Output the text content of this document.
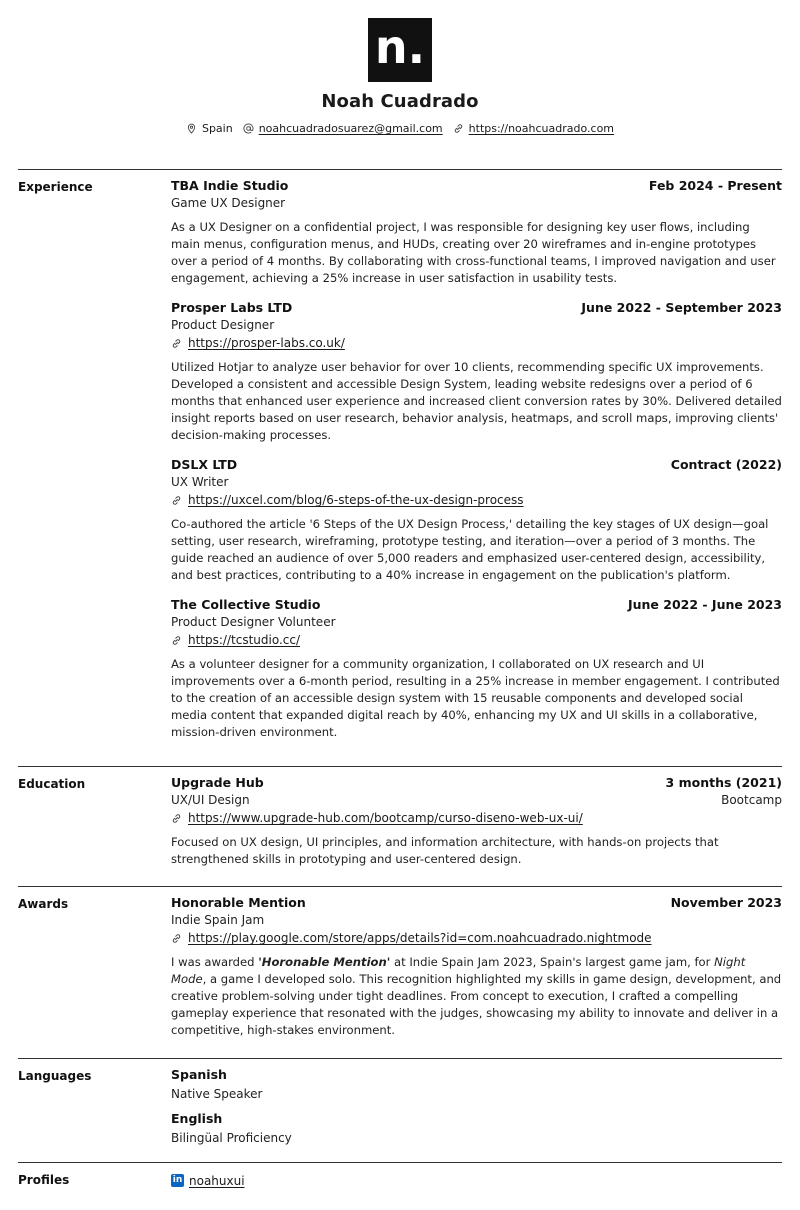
n.
Noah Cuadrado
Spain noahcuadradosuarez@gmail.com https://noahcuadrado.com
Experience	TBA Indie Studio	Feb 2024 - Present
Game UX Designer
As a UX Designer on a confidential project, I was responsible for designing key user flows, including main menus, configuration menus, and HUDs, creating over 20 wireframes and in-engine prototypes over a period of 4 months. By collaborating with cross-functional teams, I improved navigation and user engagement, achieving a 25% increase in user satisfaction in usability tests.
Prosper Labs LTD	June 2022 - September 2023
Product Designer
https://prosper-labs.co.uk/
Utilized Hotjar to analyze user behavior for over 10 clients, recommending specific UX improvements. Developed a consistent and accessible Design System, leading website redesigns over a period of 6 months that enhanced user experience and increased client conversion rates by 30%. Delivered detailed insight reports based on user research, behavior analysis, heatmaps, and scroll maps, improving clients' decision-making processes.
DSLX LTD	Contract (2022)
UX Writer
https://uxcel.com/blog/6-steps-of-the-ux-design-process
Co-authored the article '6 Steps of the UX Design Process,' detailing the key stages of UX design—goal setting, user research, wireframing, prototype testing, and iteration—over a period of 3 months. The guide reached an audience of over 5,000 readers and emphasized user-centered design, accessibility, and best practices, contributing to a 40% increase in engagement on the publication's platform.
The Collective Studio	June 2022 - June 2023
Product Designer Volunteer
https://tcstudio.cc/
As a volunteer designer for a community organization, I collaborated on UX research and UI improvements over a 6-month period, resulting in a 25% increase in member engagement. I contributed to the creation of an accessible design system with 15 reusable components and developed social media content that expanded digital reach by 40%, enhancing my UX and UI skills in a collaborative, mission-driven environment.
Education	Upgrade Hub	3 months (2021)
UX/UI Design	Bootcamp
https://www.upgrade-hub.com/bootcamp/curso-diseno-web-ux-ui/
Focused on UX design, UI principles, and information architecture, with hands-on projects that strengthened skills in prototyping and user-centered design.
Awards	Honorable Mention	November 2023
Indie Spain Jam
https://play.google.com/store/apps/details?id=com.noahcuadrado.nightmode
I was awarded 'Horonable Mention' at Indie Spain Jam 2023, Spain's largest game jam, for Night Mode, a game I developed solo. This recognition highlighted my skills in game design, development, and creative problem-solving under tight deadlines. From concept to execution, I crafted a compelling gameplay experience that resonated with the judges, showcasing my ability to innovate and deliver in a competitive, high-stakes environment.
Languages	Spanish
Native Speaker
English
Bilingüal Proficiency
Profiles	in noahuxui
